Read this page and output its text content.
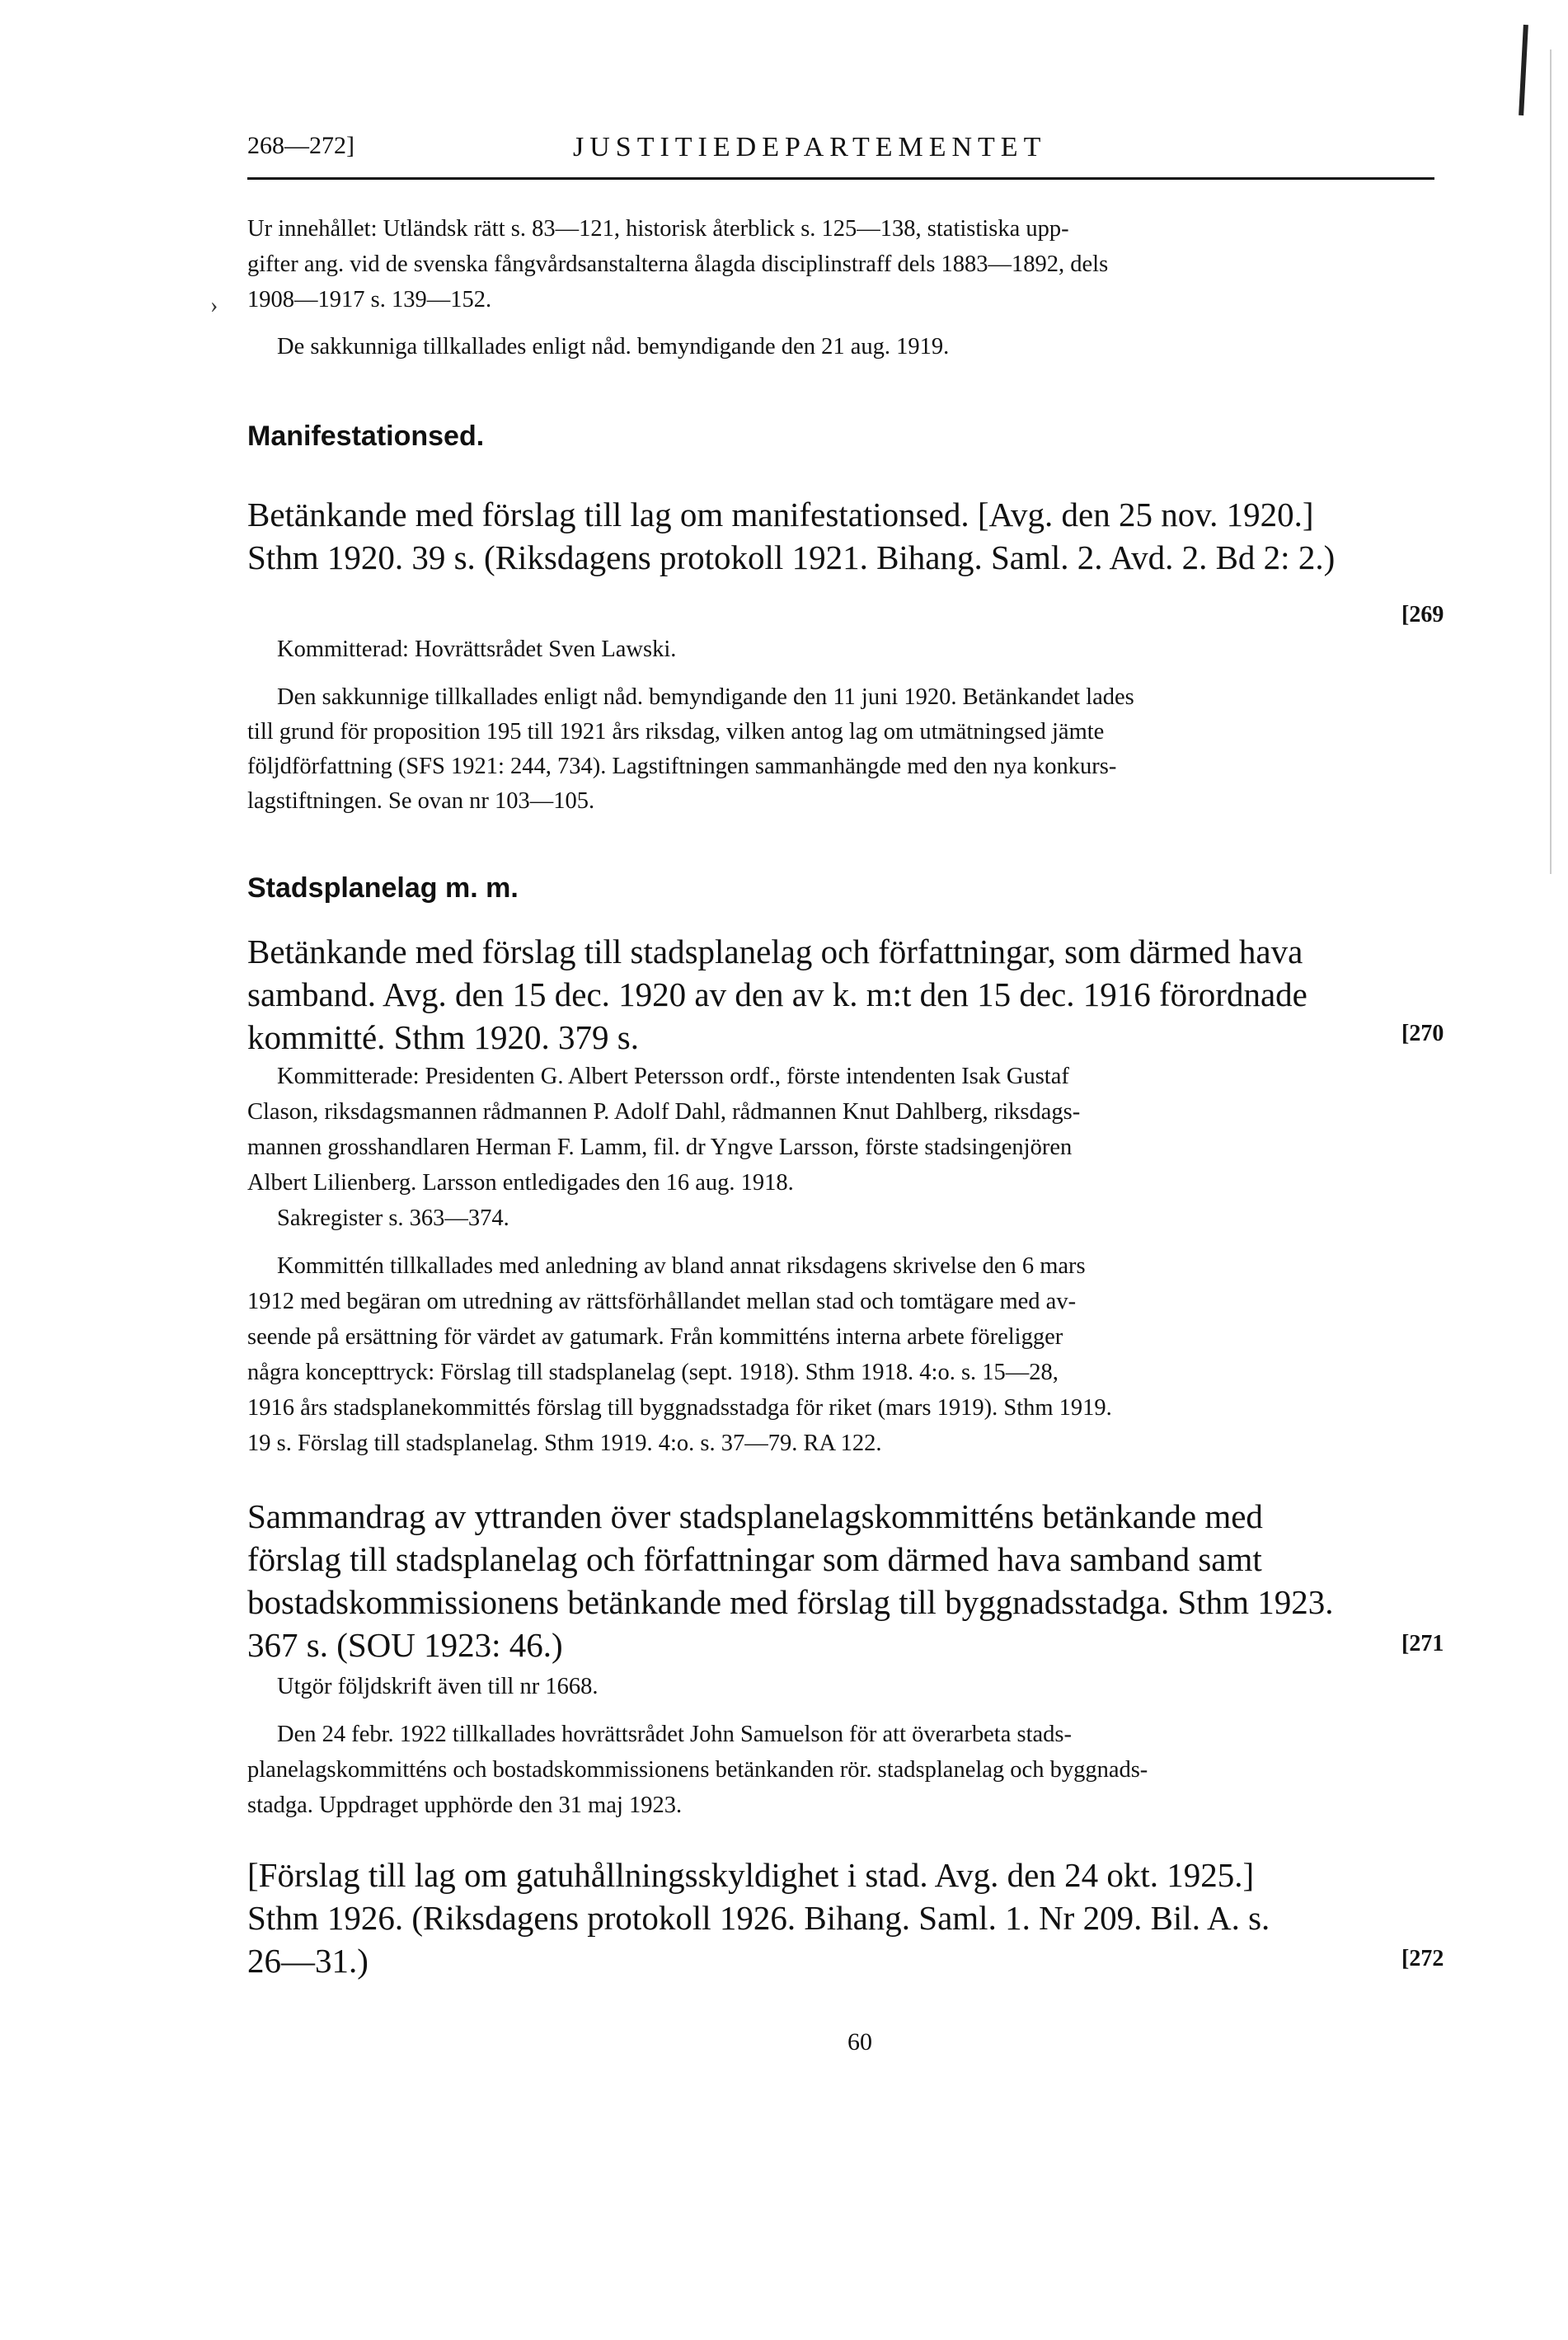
›
268—272]	JUSTITIEDEPARTEMENTET
Ur innehållet: Utländsk rätt s. 83—121, historisk återblick s. 125—138, statistiska upp-
gifter ang. vid de svenska fångvårdsanstalterna ålagda disciplinstraff dels 1883—1892, dels
1908—1917 s. 139—152.
De sakkunniga tillkallades enligt nåd. bemyndigande den 21 aug. 1919.
Manifestationsed.
Betänkande med förslag till lag om manifestationsed. [Avg. den 25 nov. 1920.]
Sthm 1920. 39 s. (Riksdagens protokoll 1921. Bihang. Saml. 2. Avd. 2. Bd 2: 2.)
[269
Kommitterad: Hovrättsrådet Sven Lawski.
Den sakkunnige tillkallades enligt nåd. bemyndigande den 11 juni 1920. Betänkandet lades
till grund för proposition 195 till 1921 års riksdag, vilken antog lag om utmätningsed jämte
följdförfattning (SFS 1921: 244, 734). Lagstiftningen sammanhängde med den nya konkurs-
lagstiftningen. Se ovan nr 103—105.
Stadsplanelag m. m.
Betänkande med förslag till stadsplanelag och författningar, som därmed hava
samband. Avg. den 15 dec. 1920 av den av k. m:t den 15 dec. 1916 förordnade
kommitté. Sthm 1920. 379 s.	[270
Kommitterade: Presidenten G. Albert Petersson ordf., förste intendenten Isak Gustaf
Clason, riksdagsmannen rådmannen P. Adolf Dahl, rådmannen Knut Dahlberg, riksdags-
mannen grosshandlaren Herman F. Lamm, fil. dr Yngve Larsson, förste stadsingenjören
Albert Lilienberg. Larsson entledigades den 16 aug. 1918.
Sakregister s. 363—374.
Kommittén tillkallades med anledning av bland annat riksdagens skrivelse den 6 mars
1912 med begäran om utredning av rättsförhållandet mellan stad och tomtägare med av-
seende på ersättning för värdet av gatumark. Från kommitténs interna arbete föreligger
några koncepttryck: Förslag till stadsplanelag (sept. 1918). Sthm 1918. 4:o. s. 15—28,
1916 års stadsplanekommittés förslag till byggnadsstadga för riket (mars 1919). Sthm 1919.
19 s. Förslag till stadsplanelag. Sthm 1919. 4:o. s. 37—79. RA 122.
Sammandrag av yttranden över stadsplanelagskommitténs betänkande med
förslag till stadsplanelag och författningar som därmed hava samband samt
bostadskommissionens betänkande med förslag till byggnadsstadga. Sthm 1923.
367 s. (SOU 1923: 46.)	[271
Utgör följdskrift även till nr 1668.
Den 24 febr. 1922 tillkallades hovrättsrådet John Samuelson för att överarbeta stads-
planelagskommitténs och bostadskommissionens betänkanden rör. stadsplanelag och byggnads-
stadga. Uppdraget upphörde den 31 maj 1923.
[Förslag till lag om gatuhållningsskyldighet i stad. Avg. den 24 okt. 1925.]
Sthm 1926. (Riksdagens protokoll 1926. Bihang. Saml. 1. Nr 209. Bil. A. s.
26—31.)	[272
60
